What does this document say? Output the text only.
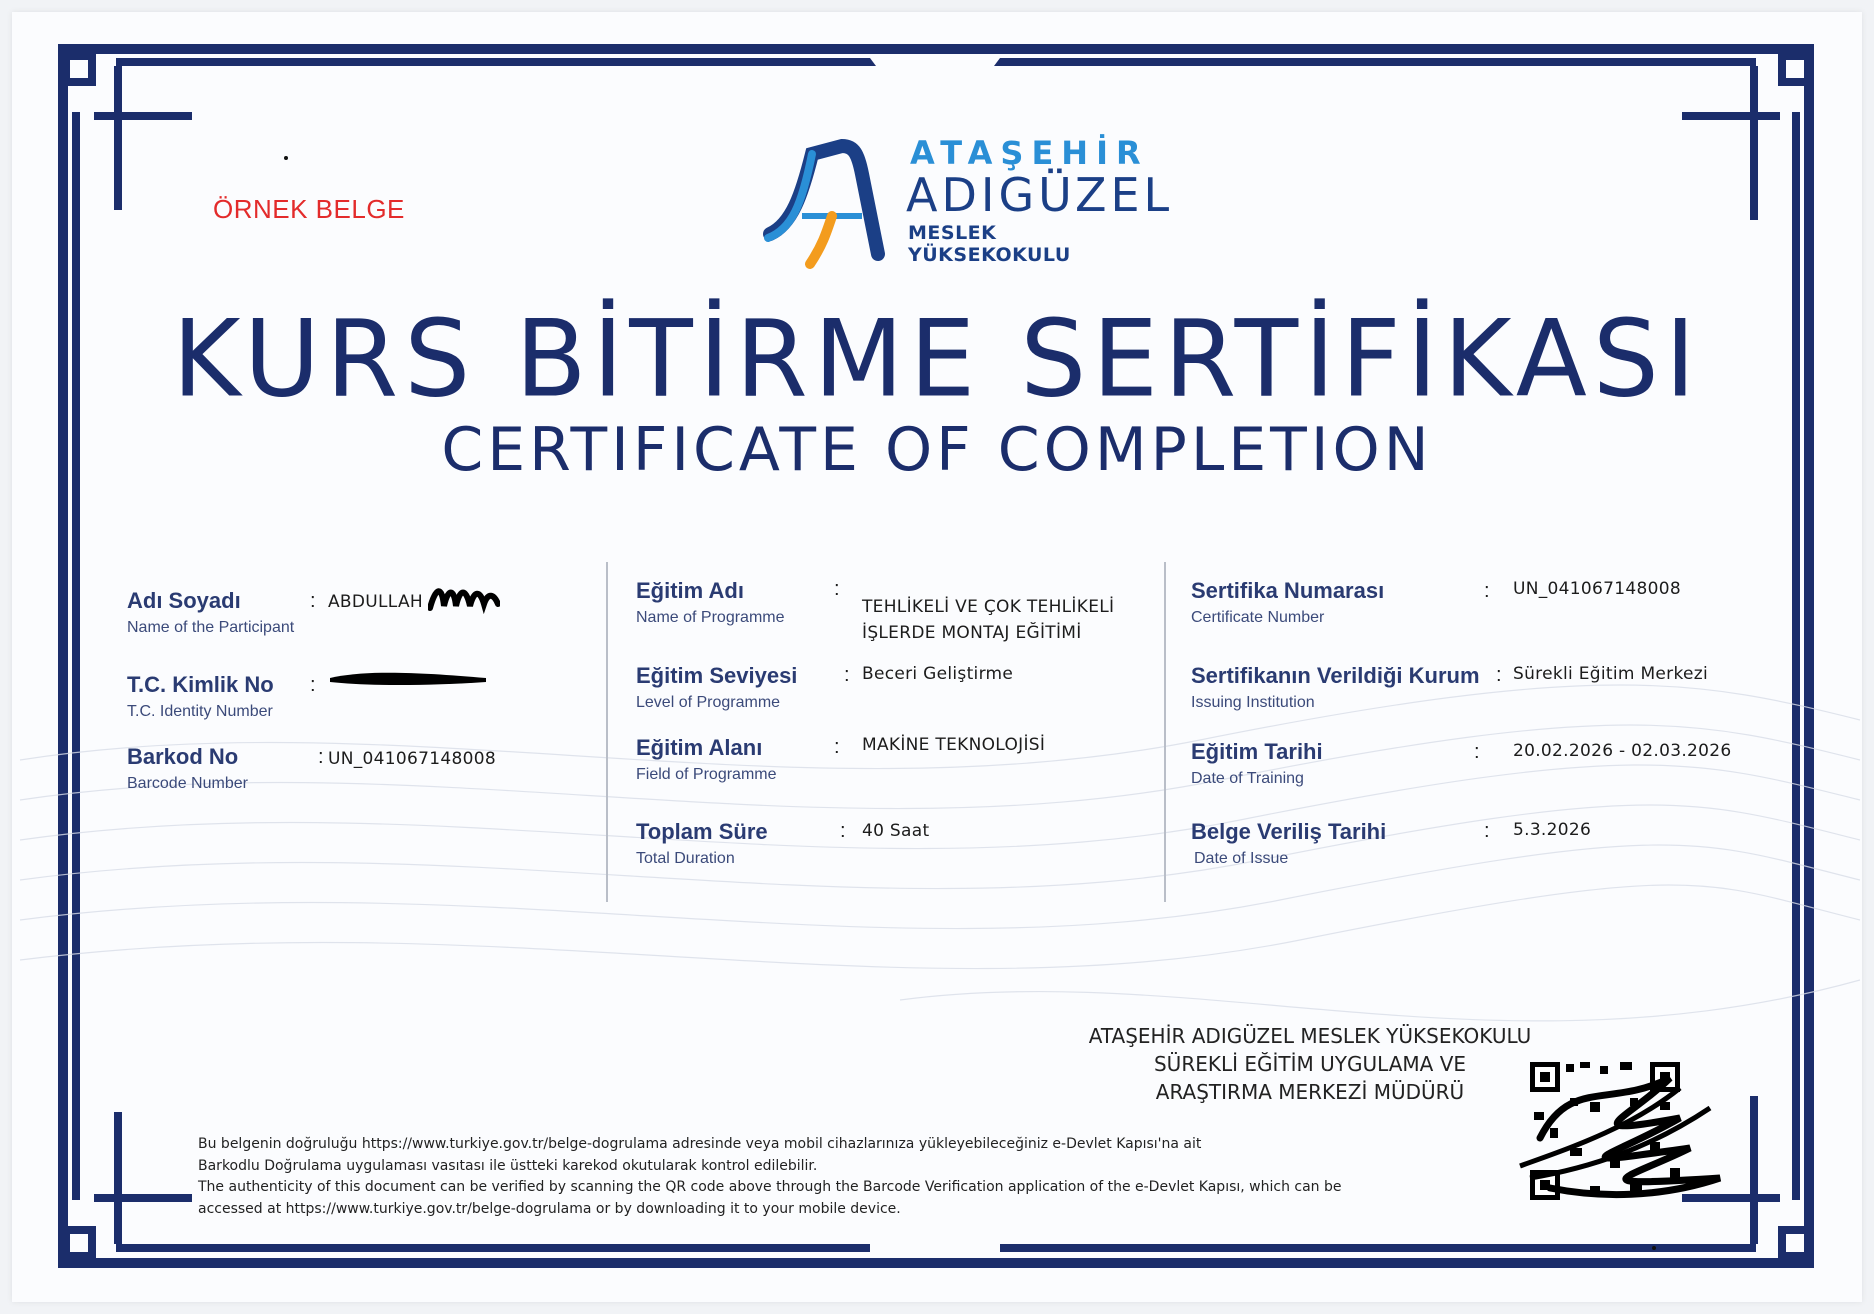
ÖRNEK BELGE
ATAŞEHİR
ADIGÜZEL
MESLEK YÜKSEKOKULU
KURS BİTİRME SERTİFİKASI
CERTIFICATE OF COMPLETION
Adı Soyadı
Name of the Participant
: ABDULLAH
T.C. Kimlik No
T.C. Identity Number
:
Barkod No
Barcode Number
: UN_041067148008
Eğitim Adı
Name of Programme
:
TEHLİKELİ VE ÇOK TEHLİKELİ
İŞLERDE MONTAJ EĞİTİMİ
Eğitim Seviyesi
Level of Programme
: Beceri Geliştirme
Eğitim Alanı
Field of Programme
: MAKİNE TEKNOLOJİSİ
Toplam Süre
Total Duration
: 40 Saat
Sertifika Numarası
Certificate Number
: UN_041067148008
Sertifikanın Verildiği Kurum
Issuing Institution
: Sürekli Eğitim Merkezi
Eğitim Tarihi
Date of Training
: 20.02.2026 - 02.03.2026
Belge Veriliş Tarihi
Date of Issue
: 5.3.2026
ATAŞEHİR ADIGÜZEL MESLEK YÜKSEKOKULU
SÜREKLİ EĞİTİM UYGULAMA VE
ARAŞTIRMA MERKEZİ MÜDÜRÜ
Bu belgenin doğruluğu https://www.turkiye.gov.tr/belge-dogrulama adresinde veya mobil cihazlarınıza yükleyebileceğiniz e-Devlet Kapısı'na ait
Barkodlu Doğrulama uygulaması vasıtası ile üstteki karekod okutularak kontrol edilebilir.
The authenticity of this document can be verified by scanning the QR code above through the Barcode Verification application of the e-Devlet Kapısı, which can be
accessed at https://www.turkiye.gov.tr/belge-dogrulama or by downloading it to your mobile device.
